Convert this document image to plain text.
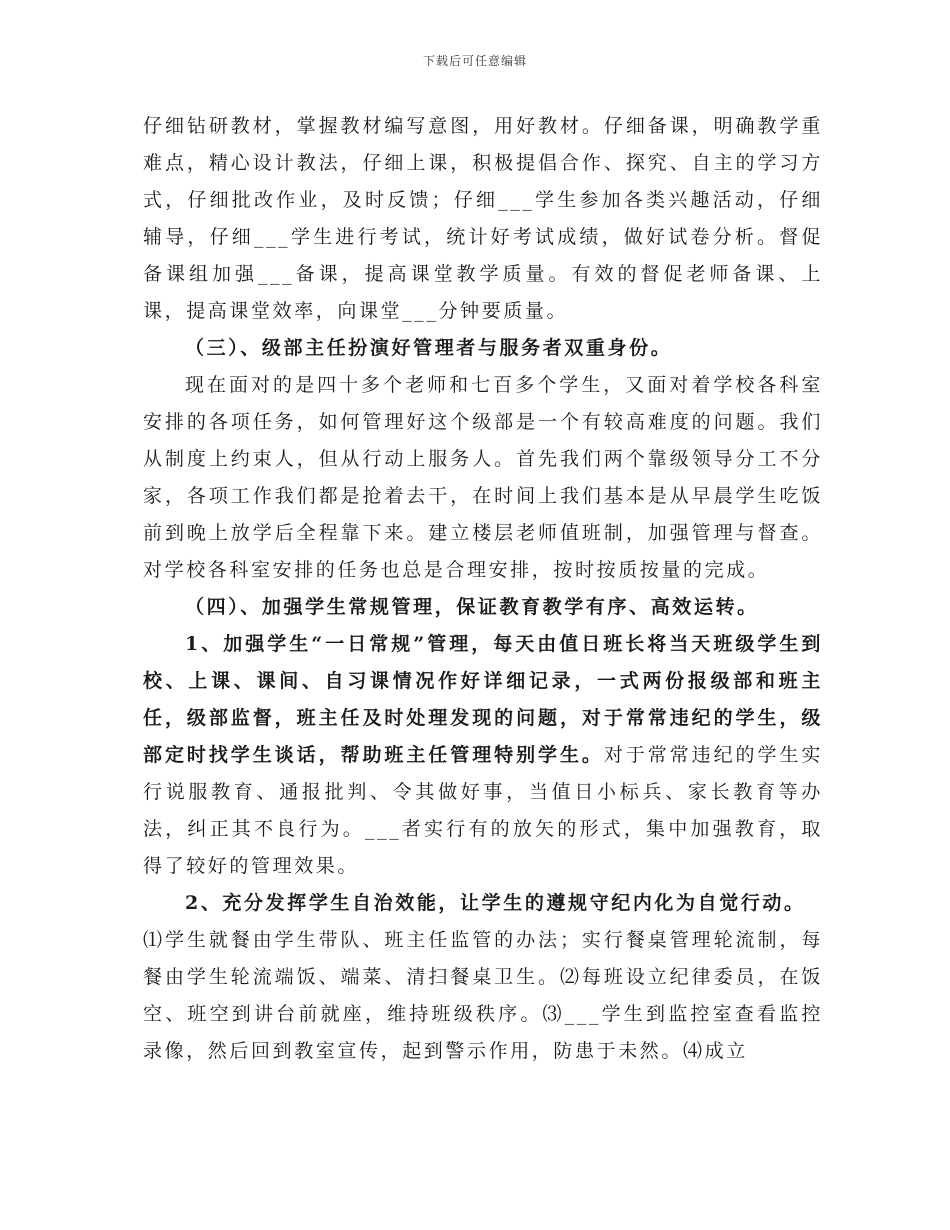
下载后可任意编辑

仔细钻研教材，掌握教材编写意图，用好教材。仔细备课，明确教学重难点，精心设计教法，仔细上课，积极提倡合作、探究、自主的学习方式，仔细批改作业，及时反馈；仔细___学生参加各类兴趣活动，仔细辅导，仔细___学生进行考试，统计好考试成绩，做好试卷分析。督促备课组加强___备课，提高课堂教学质量。有效的督促老师备课、上课，提高课堂效率，向课堂___分钟要质量。

（三）、级部主任扮演好管理者与服务者双重身份。

现在面对的是四十多个老师和七百多个学生，又面对着学校各科室安排的各项任务，如何管理好这个级部是一个有较高难度的问题。我们从制度上约束人，但从行动上服务人。首先我们两个靠级领导分工不分家，各项工作我们都是抢着去干，在时间上我们基本是从早晨学生吃饭前到晚上放学后全程靠下来。建立楼层老师值班制，加强管理与督查。对学校各科室安排的任务也总是合理安排，按时按质按量的完成。

（四）、加强学生常规管理，保证教育教学有序、高效运转。

1、加强学生“一日常规”管理，每天由值日班长将当天班级学生到校、上课、课间、自习课情况作好详细记录，一式两份报级部和班主任，级部监督，班主任及时处理发现的问题，对于常常违纪的学生，级部定时找学生谈话，帮助班主任管理特别学生。对于常常违纪的学生实行说服教育、通报批判、令其做好事，当值日小标兵、家长教育等办法，纠正其不良行为。___者实行有的放矢的形式，集中加强教育，取得了较好的管理效果。

2、充分发挥学生自治效能，让学生的遵规守纪内化为自觉行动。

⑴学生就餐由学生带队、班主任监管的办法；实行餐桌管理轮流制，每餐由学生轮流端饭、端菜、清扫餐桌卫生。⑵每班设立纪律委员，在饭空、班空到讲台前就座，维持班级秩序。⑶___学生到监控室查看监控录像，然后回到教室宣传，起到警示作用，防患于未然。⑷成立
